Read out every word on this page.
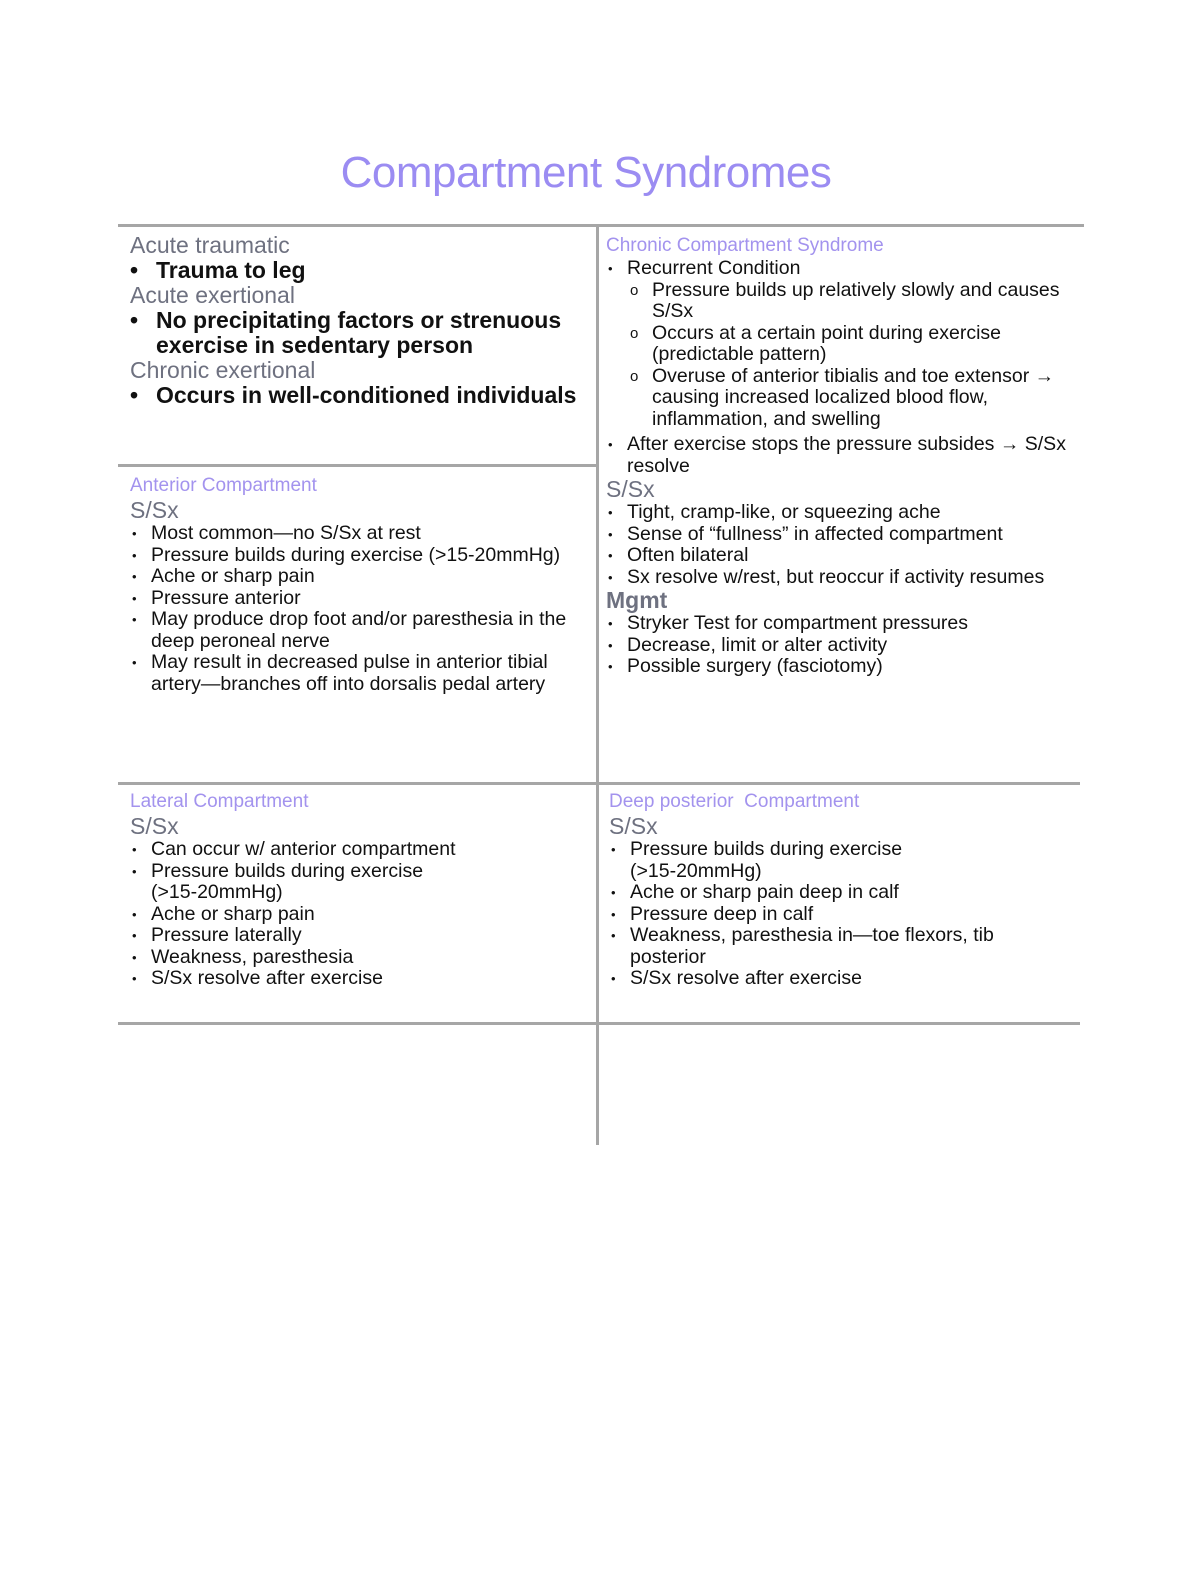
Compartment Syndromes
Acute traumatic
• Trauma to leg
Acute exertional
• No precipitating factors or strenuous exercise in sedentary person
Chronic exertional
• Occurs in well-conditioned individuals
Anterior Compartment
S/Sx
• Most common—no S/Sx at rest
• Pressure builds during exercise (>15-20mmHg)
• Ache or sharp pain
• Pressure anterior
• May produce drop foot and/or paresthesia in the deep peroneal nerve
• May result in decreased pulse in anterior tibial artery—branches off into dorsalis pedal artery
Chronic Compartment Syndrome
• Recurrent Condition
o Pressure builds up relatively slowly and causes S/Sx
o Occurs at a certain point during exercise (predictable pattern)
o Overuse of anterior tibialis and toe extensor → causing increased localized blood flow, inflammation, and swelling
• After exercise stops the pressure subsides → S/Sx resolve
S/Sx
• Tight, cramp-like, or squeezing ache
• Sense of “fullness” in affected compartment
• Often bilateral
• Sx resolve w/rest, but reoccur if activity resumes
Mgmt
• Stryker Test for compartment pressures
• Decrease, limit or alter activity
• Possible surgery (fasciotomy)
Lateral Compartment
S/Sx
• Can occur w/ anterior compartment
• Pressure builds during exercise (>15-20mmHg)
• Ache or sharp pain
• Pressure laterally
• Weakness, paresthesia
• S/Sx resolve after exercise
Deep posterior  Compartment
S/Sx
• Pressure builds during exercise (>15-20mmHg)
• Ache or sharp pain deep in calf
• Pressure deep in calf
• Weakness, paresthesia in—toe flexors, tib posterior
• S/Sx resolve after exercise
